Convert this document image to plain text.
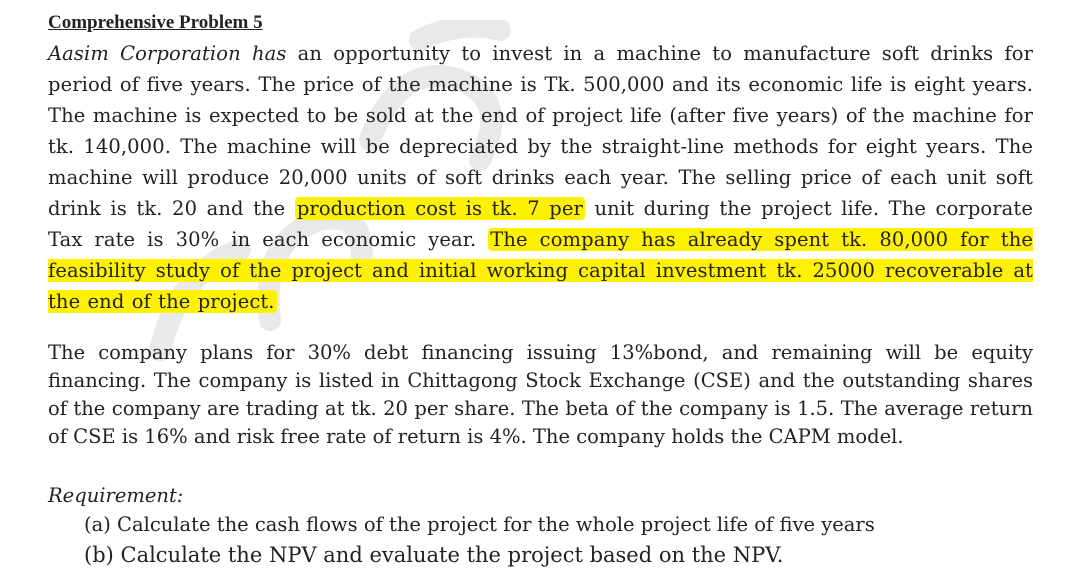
Comprehensive Problem 5

Aasim Corporation has an opportunity to invest in a machine to manufacture soft drinks for period of five years. The price of the machine is Tk. 500,000 and its economic life is eight years. The machine is expected to be sold at the end of project life (after five years) of the machine for tk. 140,000. The machine will be depreciated by the straight-line methods for eight years. The machine will produce 20,000 units of soft drinks each year. The selling price of each unit soft drink is tk. 20 and the production cost is tk. 7 per unit during the project life. The corporate Tax rate is 30% in each economic year. The company has already spent tk. 80,000 for the feasibility study of the project and initial working capital investment tk. 25000 recoverable at the end of the project.

The company plans for 30% debt financing issuing 13%bond, and remaining will be equity financing. The company is listed in Chittagong Stock Exchange (CSE) and the outstanding shares of the company are trading at tk. 20 per share. The beta of the company is 1.5. The average return of CSE is 16% and risk free rate of return is 4%. The company holds the CAPM model.

Requirement:
(a) Calculate the cash flows of the project for the whole project life of five years
(b) Calculate the NPV and evaluate the project based on the NPV.
